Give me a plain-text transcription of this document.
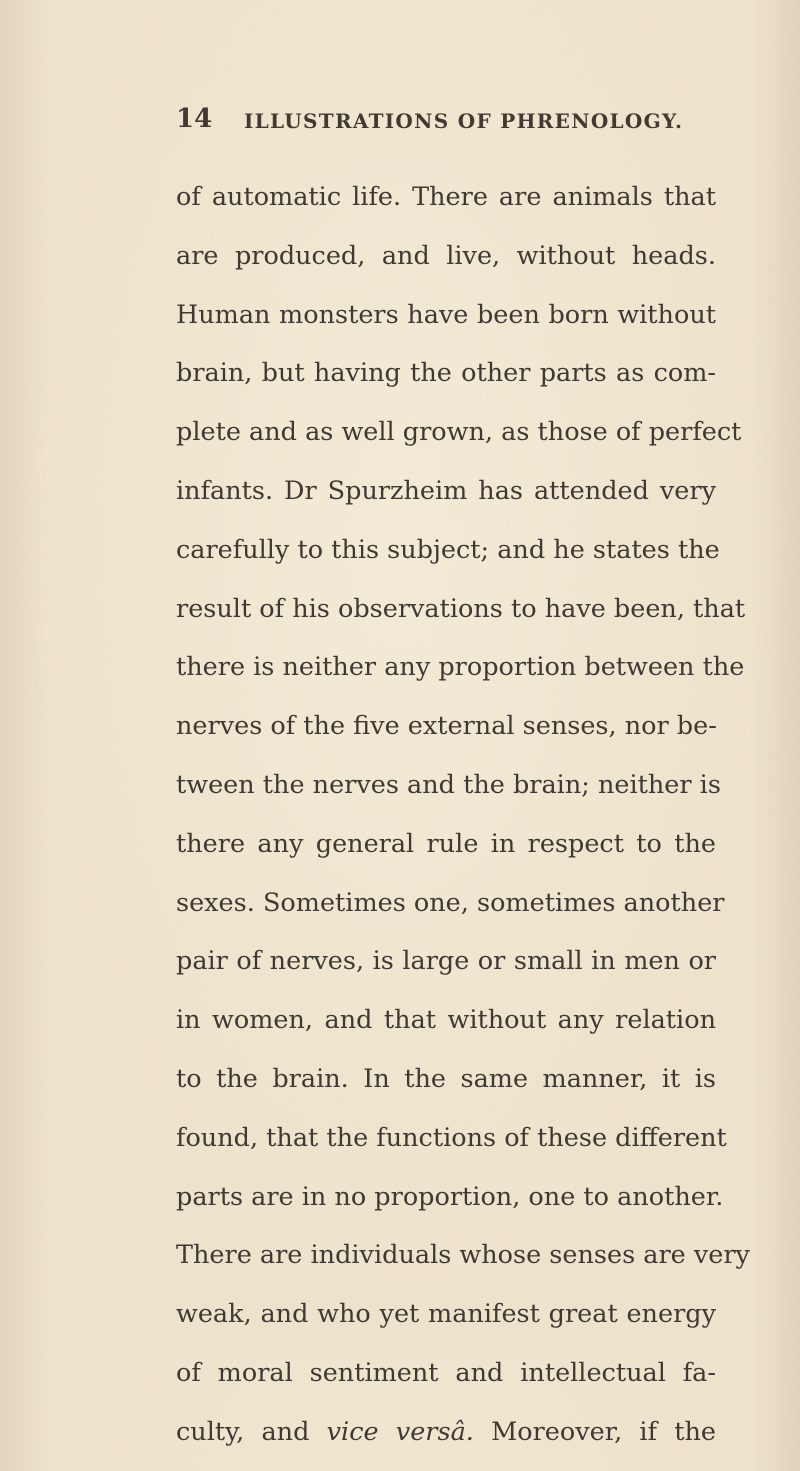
14 ILLUSTRATIONS OF PHRENOLOGY.
of automatic life. There are animals that
are produced, and live, without heads.
Human monsters have been born without
brain, but having the other parts as com-
plete and as well grown, as those of perfect
infants. Dr Spurzheim has attended very
carefully to this subject; and he states the
result of his observations to have been, that
there is neither any proportion between the
nerves of the five external senses, nor be-
tween the nerves and the brain; neither is
there any general rule in respect to the
sexes. Sometimes one, sometimes another
pair of nerves, is large or small in men or
in women, and that without any relation
to the brain. In the same manner, it is
found, that the functions of these different
parts are in no proportion, one to another.
There are individuals whose senses are very
weak, and who yet manifest great energy
of moral sentiment and intellectual fa-
culty, and vice versâ. Moreover, if the
